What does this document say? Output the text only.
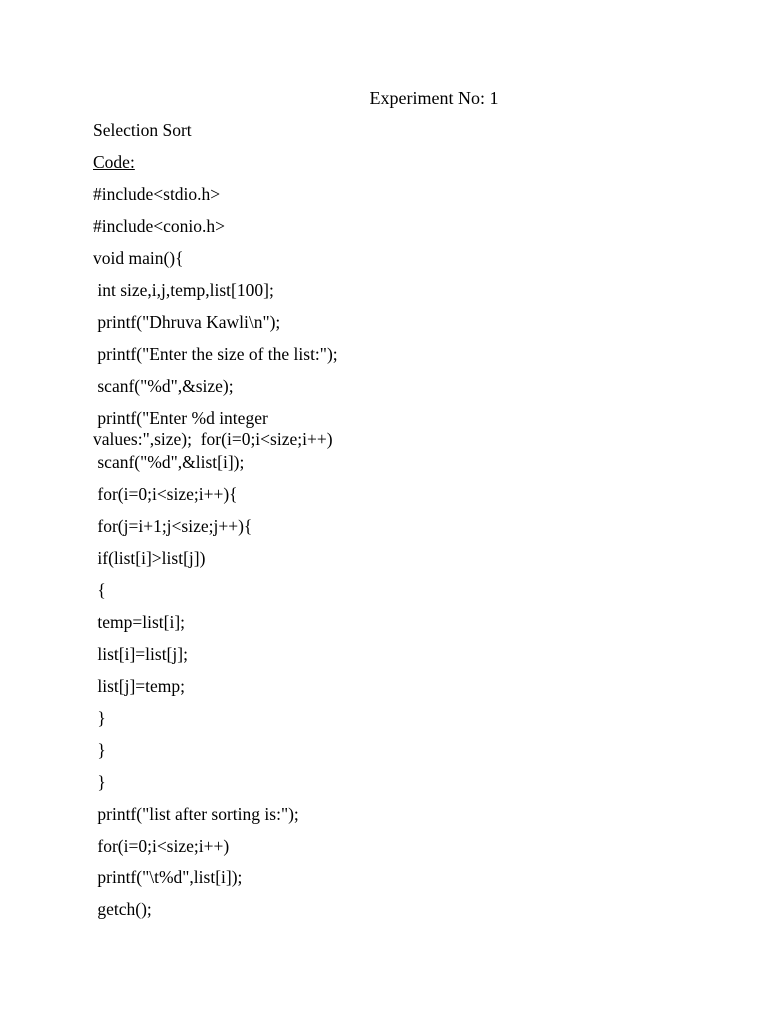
Experiment No: 1
Selection Sort
Code:
#include<stdio.h>
#include<conio.h>
void main(){
int size,i,j,temp,list[100];
printf("Dhruva Kawli\n");
printf("Enter the size of the list:");
scanf("%d",&size);
printf("Enter %d integer
values:",size);  for(i=0;i<size;i++)
scanf("%d",&list[i]);
for(i=0;i<size;i++){
for(j=i+1;j<size;j++){
if(list[i]>list[j])
{
temp=list[i];
list[i]=list[j];
list[j]=temp;
}
}
}
printf("list after sorting is:");
for(i=0;i<size;i++)
printf("\t%d",list[i]);
getch();
